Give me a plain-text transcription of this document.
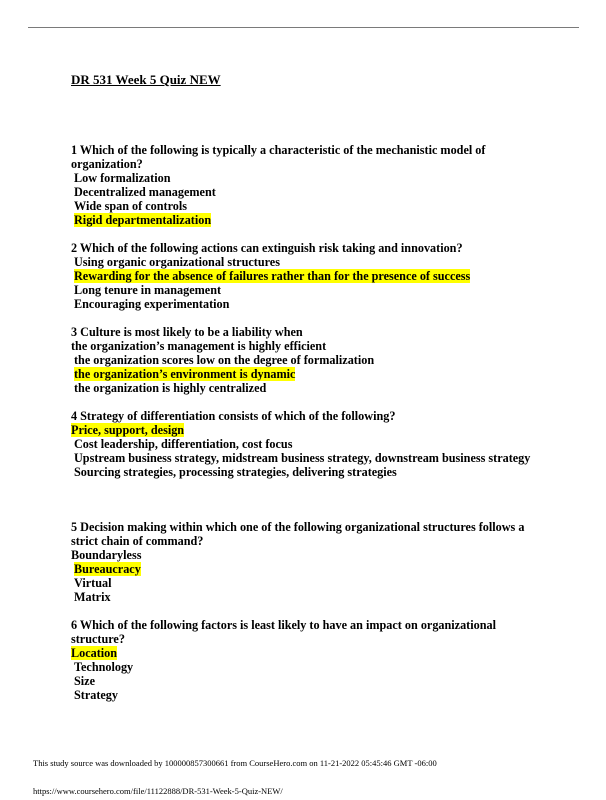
DR 531 Week 5 Quiz NEW
1 Which of the following is typically a characteristic of the mechanistic model of
organization?
Low formalization
Decentralized management
Wide span of controls
Rigid departmentalization
2 Which of the following actions can extinguish risk taking and innovation?
Using organic organizational structures
Rewarding for the absence of failures rather than for the presence of success
Long tenure in management
Encouraging experimentation
3 Culture is most likely to be a liability when
the organization’s management is highly efficient
the organization scores low on the degree of formalization
the organization’s environment is dynamic
the organization is highly centralized
4 Strategy of differentiation consists of which of the following?
Price, support, design
Cost leadership, differentiation, cost focus
Upstream business strategy, midstream business strategy, downstream business strategy
Sourcing strategies, processing strategies, delivering strategies
5 Decision making within which one of the following organizational structures follows a
strict chain of command?
Boundaryless
Bureaucracy
Virtual
Matrix
6 Which of the following factors is least likely to have an impact on organizational
structure?
Location
Technology
Size
Strategy
This study source was downloaded by 100000857300661 from CourseHero.com on 11-21-2022 05:45:46 GMT -06:00
https://www.coursehero.com/file/11122888/DR-531-Week-5-Quiz-NEW/
